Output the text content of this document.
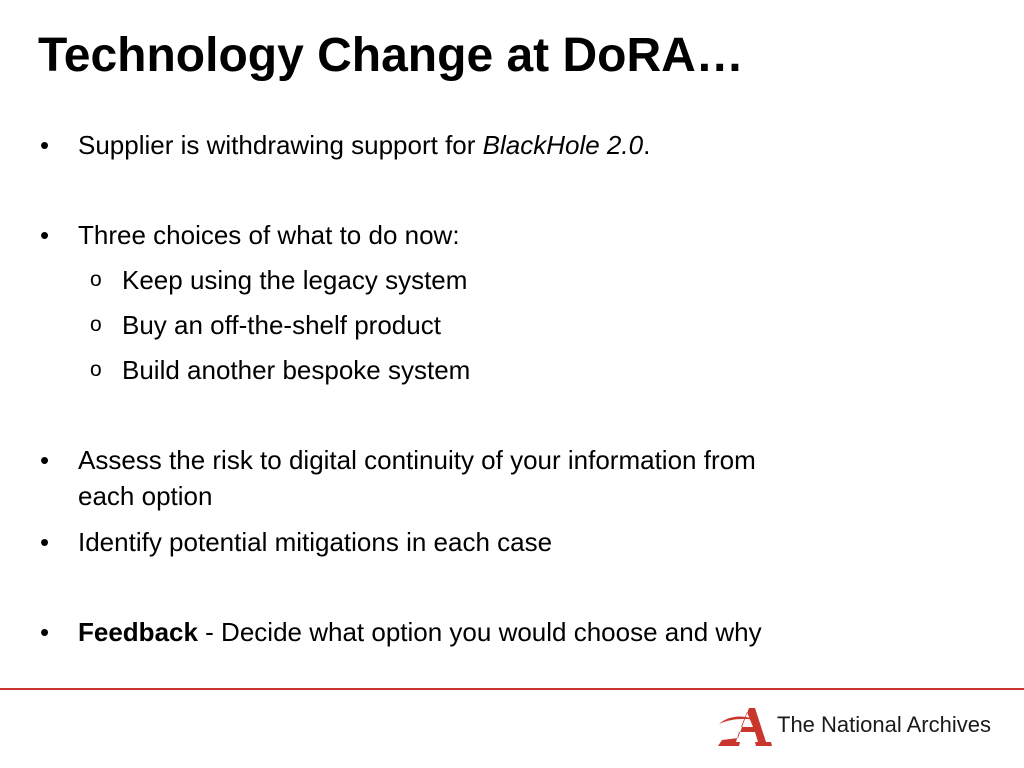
Technology Change at DoRA…
• Supplier is withdrawing support for BlackHole 2.0.
• Three choices of what to do now:
o Keep using the legacy system
o Buy an off-the-shelf product
o Build another bespoke system
• Assess the risk to digital continuity of your information from
each option
• Identify potential mitigations in each case
• Feedback - Decide what option you would choose and why
The National Archives
